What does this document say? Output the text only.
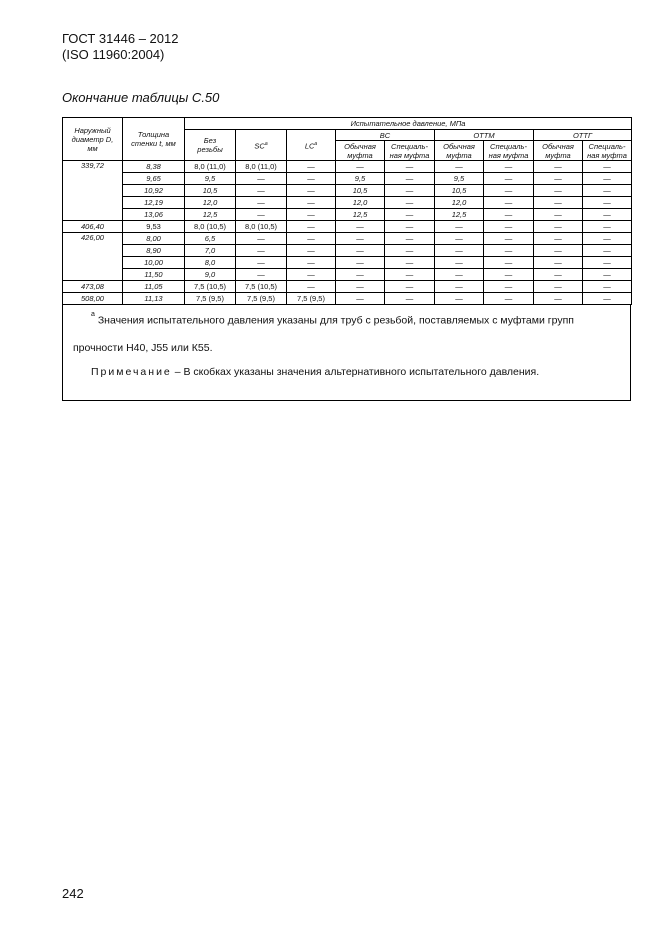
ГОСТ 31446 – 2012
(ISO 11960:2004)
Окончание таблицы С.50
Наружный диаметр D, мм	Толщина стенки t, мм	Испытательное давление, МПа								
		Без резьбы	$SC^a$	$LC^a$	BC		ОТТМ		ОТТГ	
					Обычная муфта	Специаль-ная муфта	Обычная муфта	Специаль-ная муфта	Обычная муфта	Специаль-ная муфта
339,72	8,38	8,0 (11,0)	8,0 (11,0)	—	—	—	—	—	—	—
	9,65	9,5	—	—	9,5	—	9,5	—	—	—
	10,92	10,5	—	—	10,5	—	10,5	—	—	—
	12,19	12,0	—	—	12,0	—	12,0	—	—	—
	13,06	12,5	—	—	12,5	—	12,5	—	—	—
406,40	9,53	8,0 (10,5)	8,0 (10,5)	—	—	—	—	—	—	—
426,00	8,00	6,5	—	—	—	—	—	—	—	—
	8,90	7,0	—	—	—	—	—	—	—	—
	10,00	8,0	—	—	—	—	—	—	—	—
	11,50	9,0	—	—	—	—	—	—	—	—
473,08	11,05	7,5 (10,5)	7,5 (10,5)	—	—	—	—	—	—	—
508,00	11,13	7,5 (9,5)	7,5 (9,5)	7,5 (9,5)	—	—	—	—	—	—
$^a$ Значения испытательного давления указаны для труб с резьбой, поставляемых с муфтами групп
прочности Н40, J55 или К55.
Примечание – В скобках указаны значения альтернативного испытательного давления.
242
